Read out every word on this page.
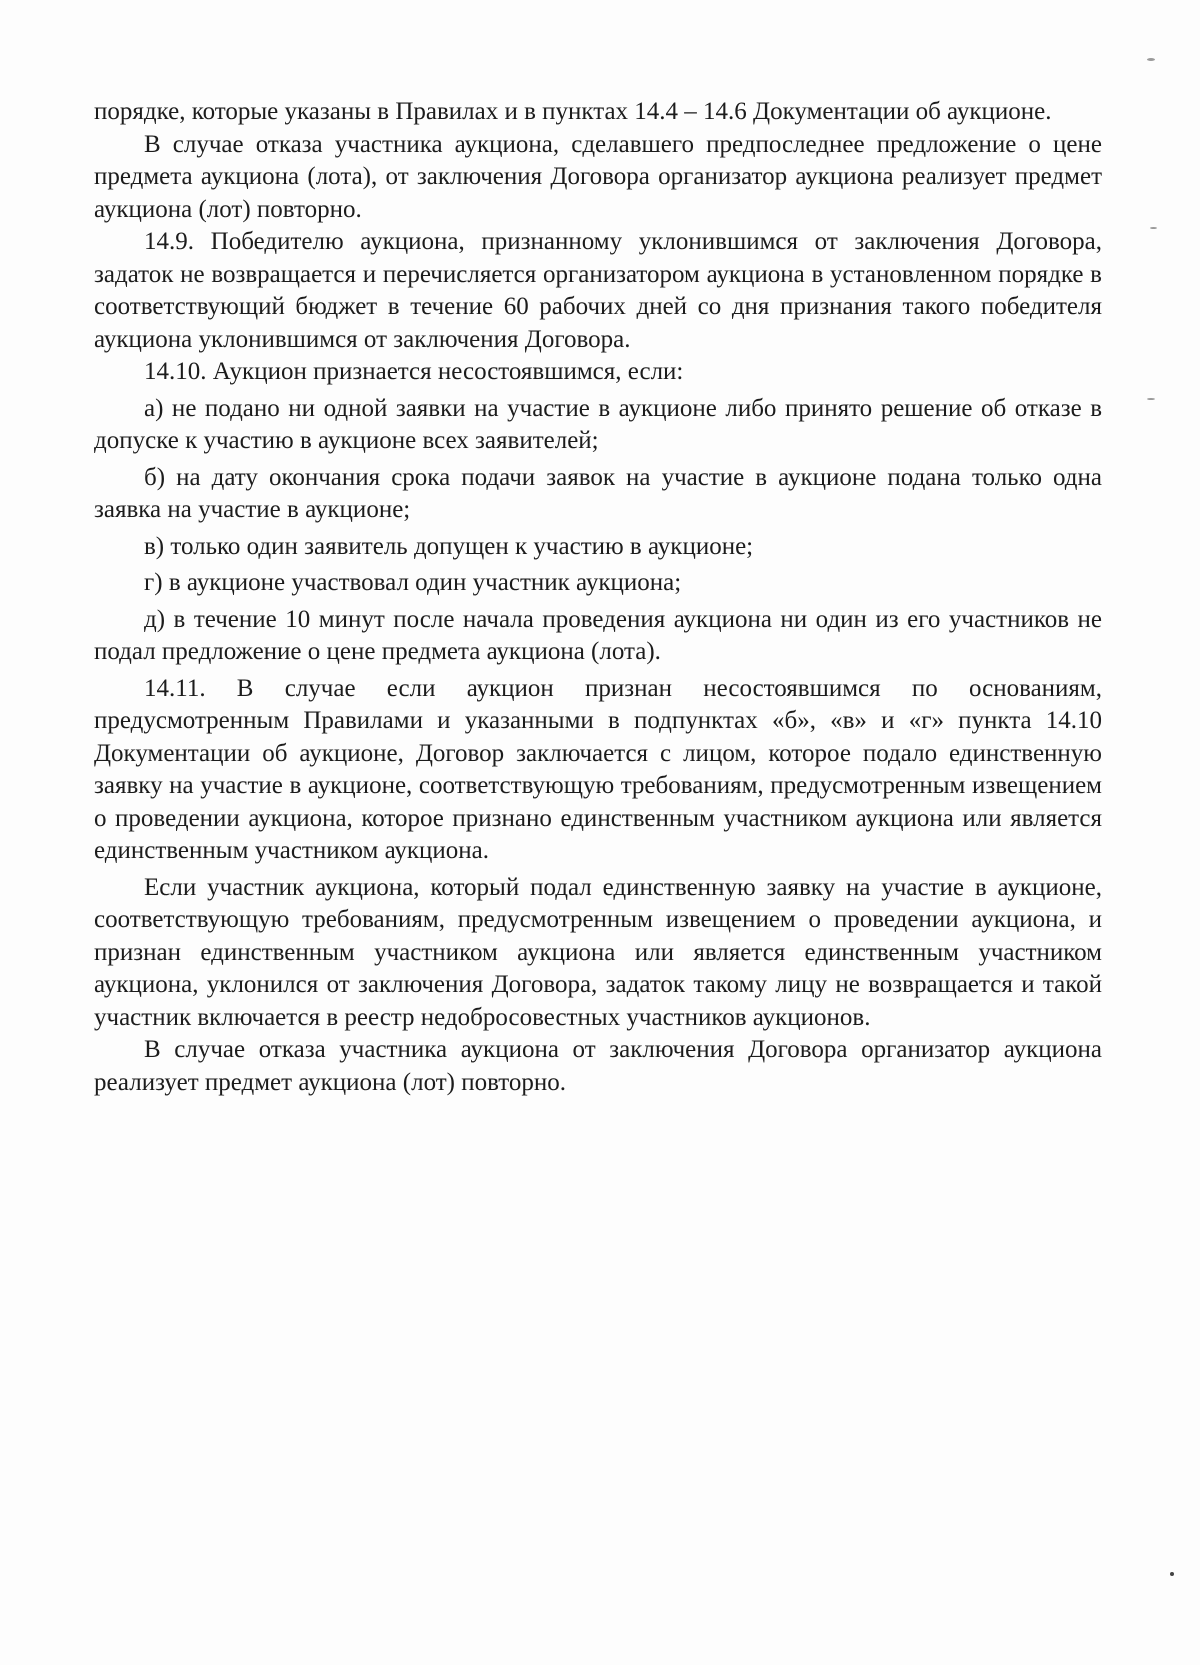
порядке, которые указаны в Правилах и в пунктах 14.4 – 14.6 Документации об аукционе.

В случае отказа участника аукциона, сделавшего предпоследнее предложение о цене предмета аукциона (лота), от заключения Договора организатор аукциона реализует предмет аукциона (лот) повторно.

14.9. Победителю аукциона, признанному уклонившимся от заключения Договора, задаток не возвращается и перечисляется организатором аукциона в установленном порядке в соответствующий бюджет в течение 60 рабочих дней со дня признания такого победителя аукциона уклонившимся от заключения Договора.

14.10. Аукцион признается несостоявшимся, если:

а) не подано ни одной заявки на участие в аукционе либо принято решение об отказе в допуске к участию в аукционе всех заявителей;

б) на дату окончания срока подачи заявок на участие в аукционе подана только одна заявка на участие в аукционе;

в) только один заявитель допущен к участию в аукционе;

г) в аукционе участвовал один участник аукциона;

д) в течение 10 минут после начала проведения аукциона ни один из его участников не подал предложение о цене предмета аукциона (лота).

14.11. В случае если аукцион признан несостоявшимся по основаниям, предусмотренным Правилами и указанными в подпунктах «б», «в» и «г» пункта 14.10 Документации об аукционе, Договор заключается с лицом, которое подало единственную заявку на участие в аукционе, соответствующую требованиям, предусмотренным извещением о проведении аукциона, которое признано единственным участником аукциона или является единственным участником аукциона.

Если участник аукциона, который подал единственную заявку на участие в аукционе, соответствующую требованиям, предусмотренным извещением о проведении аукциона, и признан единственным участником аукциона или является единственным участником аукциона, уклонился от заключения Договора, задаток такому лицу не возвращается и такой участник включается в реестр недобросовестных участников аукционов.

В случае отказа участника аукциона от заключения Договора организатор аукциона реализует предмет аукциона (лот) повторно.
